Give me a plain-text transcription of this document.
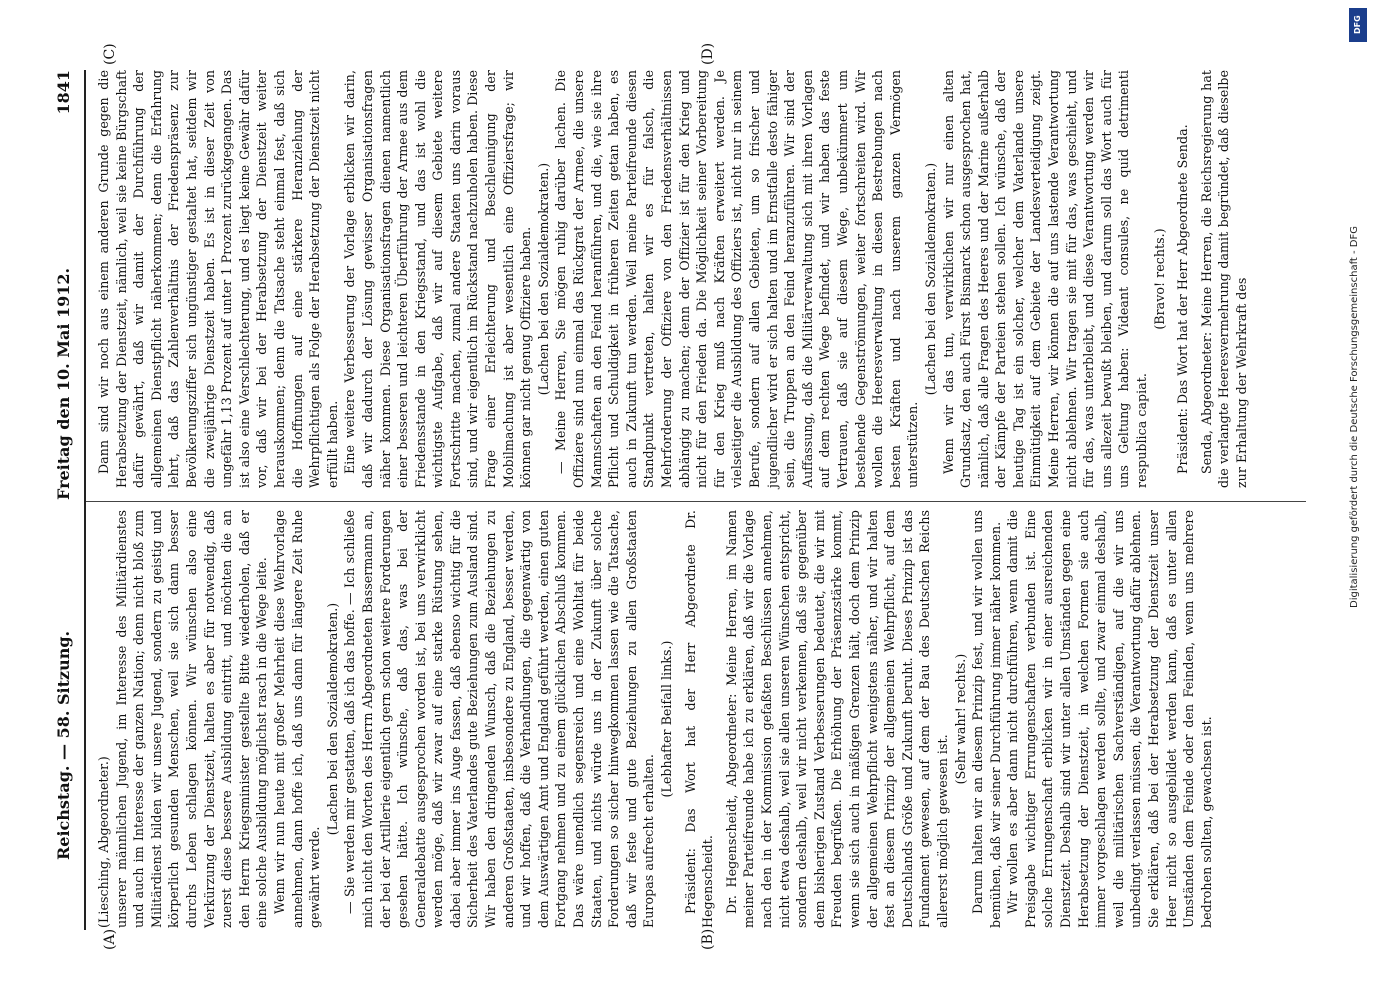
Reichstag. — 58. Sitzung.
Freitag den 10. Mai 1912.
1841
(A)	(B)
(C)	(D)

(Liesching, Abgeordneter.) unserer männlichen Jugend, im Interesse des Militärdienstes und auch im Interesse der ganzen Nation; denn nicht bloß zum Militärdienst bilden wir unsere Jugend, sondern zu geistig und körperlich gesunden Menschen, weil sie sich dann besser durchs Leben schlagen können. Wir wünschen also eine Verkürzung der Dienstzeit, halten es aber für notwendig, daß zuerst diese bessere Ausbildung eintritt, und möchten die an den Herrn Kriegsminister gestellte Bitte wiederholen, daß er eine solche Ausbildung möglichst rasch in die Wege leite. Wenn wir nun heute mit großer Mehrheit diese Wehrvorlage annehmen, dann hoffe ich, daß uns dann für längere Zeit Ruhe gewährt werde.

(Lachen bei den Sozialdemokraten.) — Sie werden mir gestatten, daß ich das hoffe. — Ich schließe mich nicht den Worten des Herrn Abgeordneten Bassermann an, der bei der Artillerie eigentlich gern schon weitere Forderungen gesehen hätte. Ich wünsche, daß das, was bei der Generaldebatte ausgesprochen worden ist, bei uns verwirklicht werden möge, daß wir zwar auf eine starke Rüstung sehen, dabei aber immer ins Auge fassen, daß ebenso wichtig für die Sicherheit des Vaterlandes gute Beziehungen zum Ausland sind. Wir haben den dringenden Wunsch, daß die Beziehungen zu anderen Großstaaten, insbesondere zu England, besser werden, und wir hoffen, daß die Verhandlungen, die gegenwärtig von dem Auswärtigen Amt und England geführt werden, einen guten Fortgang nehmen und zu einem glücklichen Abschluß kommen. Das wäre unendlich segensreich und eine Wohltat für beide Staaten, und nichts würde uns in der Zukunft über solche Forderungen so sicher hinwegkommen lassen wie die Tatsache, daß wir feste und gute Beziehungen zu allen Großstaaten Europas aufrecht erhalten.

(Lebhafter Beifall links.) Präsident: Das Wort hat der Herr Abgeordnete Dr. Hegenscheidt. Dr. Hegenscheidt, Abgeordneter: Meine Herren, im Namen meiner Parteifreunde habe ich zu erklären, daß wir die Vorlage nach den in der Kommission gefaßten Beschlüssen annehmen, nicht etwa deshalb, weil sie allen unseren Wünschen entspricht, sondern deshalb, weil wir nicht verkennen, daß sie gegenüber dem bisherigen Zustand Verbesserungen bedeutet, die wir mit Freuden begrüßen. Die Erhöhung der Präsenzstärke kommt, wenn sie sich auch in mäßigen Grenzen hält, doch dem Prinzip der allgemeinen Wehrpflicht wenigstens näher, und wir halten fest an diesem Prinzip der allgemeinen Wehrpflicht, auf dem Deutschlands Größe und Zukunft beruht. Dieses Prinzip ist das Fundament gewesen, auf dem der Bau des Deutschen Reichs allererst möglich gewesen ist.

(Sehr wahr! rechts.) Darum halten wir an diesem Prinzip fest, und wir wollen uns bemühen, daß wir seiner Durchführung immer näher kommen. Wir wollen es aber dann nicht durchführen, wenn damit die Preisgabe wichtiger Errungenschaften verbunden ist. Eine solche Errungenschaft erblicken wir in einer ausreichenden Dienstzeit. Deshalb sind wir unter allen Umständen gegen eine Herabsetzung der Dienstzeit, in welchen Formen sie auch immer vorgeschlagen werden sollte, und zwar einmal deshalb, weil die militärischen Sachverständigen, auf die wir uns unbedingt verlassen müssen, die Verantwortung dafür ablehnen. Sie erklären, daß bei der Herabsetzung der Dienstzeit unser Heer nicht so ausgebildet werden kann, daß es unter allen Umständen dem Feinde oder den Feinden, wenn uns mehrere bedrohen sollten, gewachsen ist.

Dann sind wir noch aus einem anderen Grunde gegen die Herabsetzung der Dienstzeit, nämlich, weil sie keine Bürgschaft dafür gewährt, daß wir damit der Durchführung der allgemeinen Dienstpflicht näherkommen; denn die Erfahrung lehrt, daß das Zahlenverhältnis der Friedenspräsenz zur Bevölkerungsziffer sich ungünstiger gestaltet hat, seitdem wir die zweijährige Dienstzeit haben. Es ist in dieser Zeit von ungefähr 1,13 Prozent auf unter 1 Prozent zurückgegangen. Das ist also eine Verschlechterung, und es liegt keine Gewähr dafür vor, daß wir bei der Herabsetzung der Dienstzeit weiter herauskommen; denn die Tatsache steht einmal fest, daß sich die Hoffnungen auf eine stärkere Heranziehung der Wehrpflichtigen als Folge der Herabsetzung der Dienstzeit nicht erfüllt haben. Eine weitere Verbesserung der Vorlage erblicken wir darin, daß wir dadurch der Lösung gewisser Organisationsfragen näher kommen. Diese Organisationsfragen dienen namentlich einer besseren und leichteren Überführung der Armee aus dem Friedensstande in den Kriegsstand, und das ist wohl die wichtigste Aufgabe, daß wir auf diesem Gebiete weitere Fortschritte machen, zumal andere Staaten uns darin voraus sind, und wir eigentlich im Rückstand nachzuholen haben. Diese Frage einer Erleichterung und Beschleunigung der Mobilmachung ist aber wesentlich eine Offiziersfrage; wir können gar nicht genug Offiziere haben. (Lachen bei den Sozialdemokraten.) — Meine Herren, Sie mögen ruhig darüber lachen. Die Offiziere sind nun einmal das Rückgrat der Armee, die unsere Mannschaften an den Feind heranführen, und die, wie sie ihre Pflicht und Schuldigkeit in früheren Zeiten getan haben, es auch in Zukunft tun werden. Weil meine Parteifreunde diesen Standpunkt vertreten, halten wir es für falsch, die Mehrforderung der Offiziere von den Friedensverhältnissen abhängig zu machen; denn der Offizier ist für den Krieg und nicht für den Frieden da. Die Möglichkeit seiner Vorbereitung für den Krieg muß nach Kräften erweitert werden. Je vielseitiger die Ausbildung des Offiziers ist, nicht nur in seinem Berufe, sondern auf allen Gebieten, um so frischer und jugendlicher wird er sich halten und im Ernstfalle desto fähiger sein, die Truppen an den Feind heranzuführen. Wir sind der Auffassung, daß die Militärverwaltung sich mit ihren Vorlagen auf dem rechten Wege befindet, und wir haben das feste Vertrauen, daß sie auf diesem Wege, unbekümmert um bestehende Gegenströmungen, weiter fortschreiten wird. Wir wollen die Heeresverwaltung in diesen Bestrebungen nach besten Kräften und nach unserem ganzen Vermögen unterstützen.

(Lachen bei den Sozialdemokraten.) Wenn wir das tun, verwirklichen wir nur einen alten Grundsatz, den auch Fürst Bismarck schon ausgesprochen hat, nämlich, daß alle Fragen des Heeres und der Marine außerhalb der Kämpfe der Parteien stehen sollen. Ich wünsche, daß der heutige Tag ist ein solcher, welcher dem Vaterlande unsere Einmütigkeit auf dem Gebiete der Landesverteidigung zeigt. Meine Herren, wir können die auf uns lastende Verantwortung nicht ablehnen. Wir tragen sie mit für das, was geschieht, und für das, was unterbleibt, und diese Verantwortung werden wir uns allezeit bewußt bleiben, und darum soll das Wort auch für uns Geltung haben: Videant consules, ne quid detrimenti respublica capiat.

(Bravo! rechts.) Präsident: Das Wort hat der Herr Abgeordnete Senda. Senda, Abgeordneter: Meine Herren, die Reichsregierung hat die verlangte Heeresvermehrung damit begründet, daß dieselbe zur Erhaltung der Wehrkraft des

DFG
Digitalisierung gefördert durch die Deutsche Forschungsgemeinschaft - DFG
